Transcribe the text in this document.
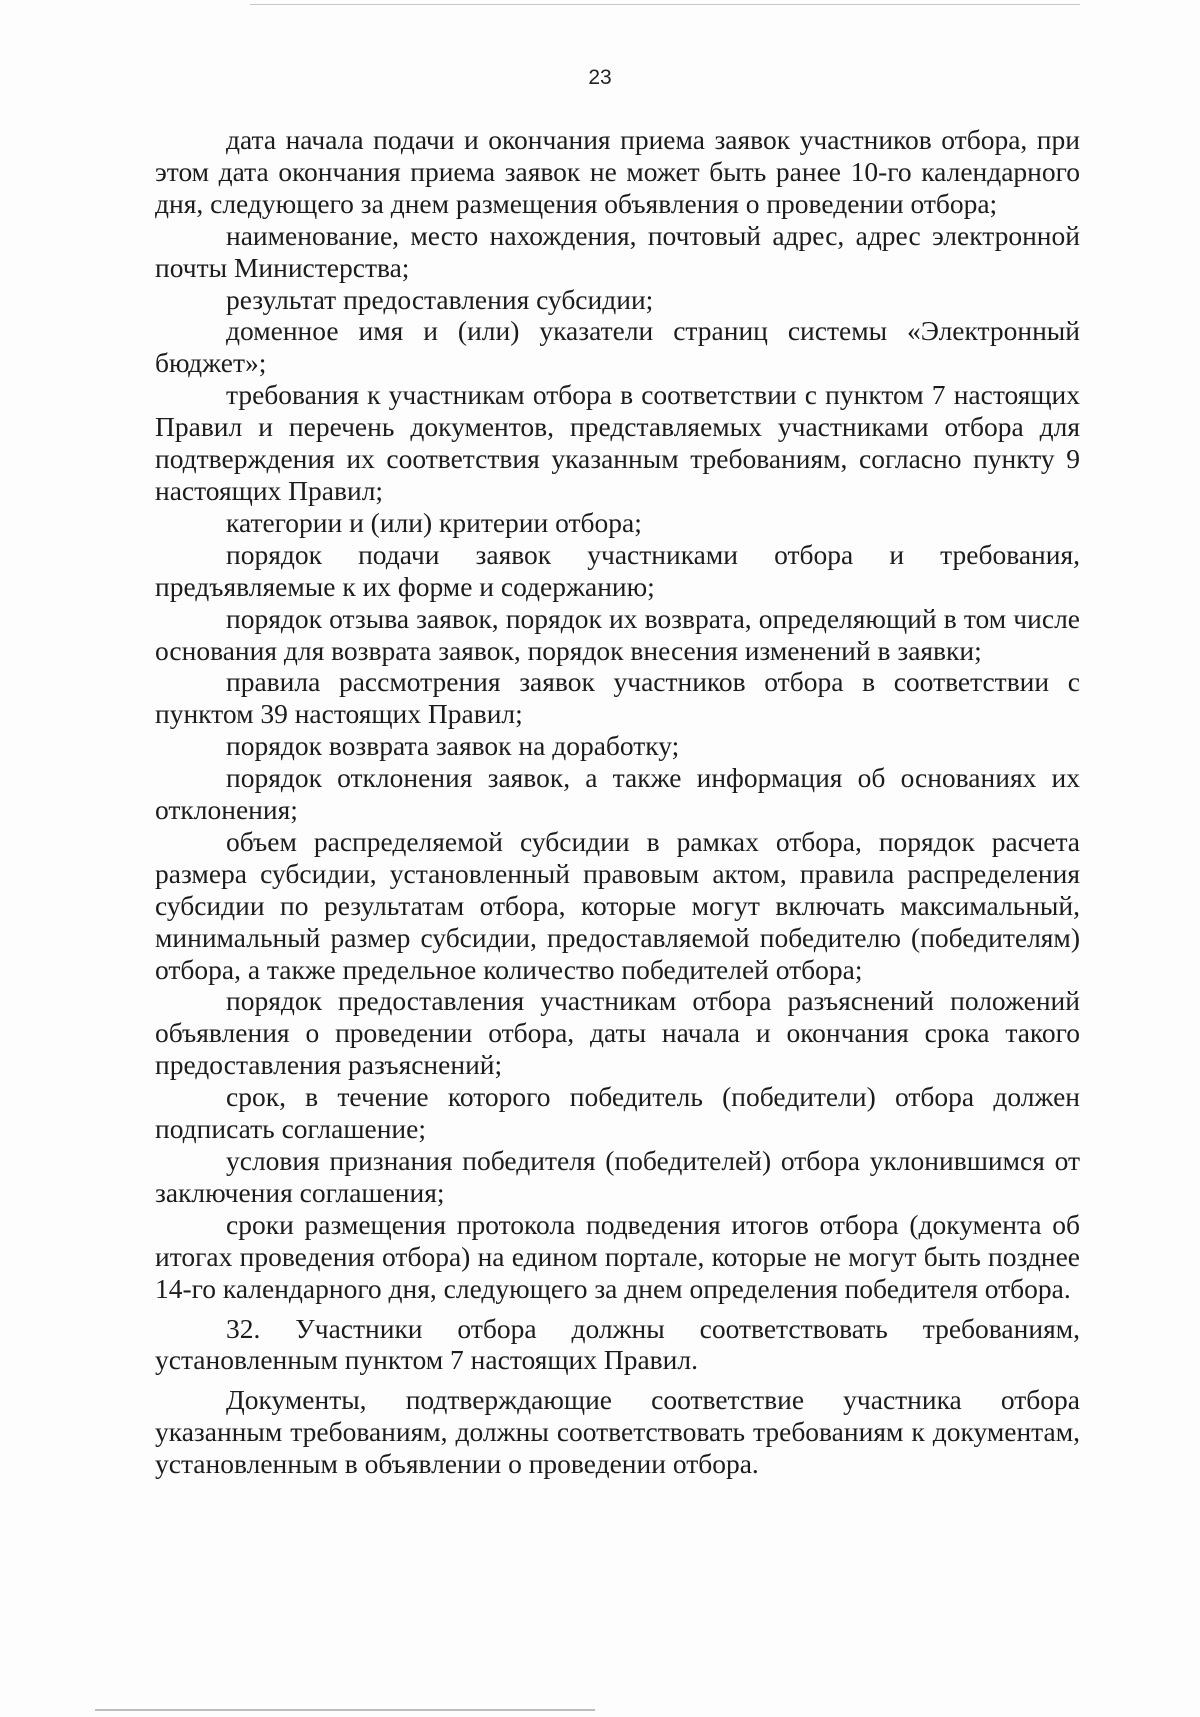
23

дата начала подачи и окончания приема заявок участников отбора, при этом дата окончания приема заявок не может быть ранее 10-го календарного дня, следующего за днем размещения объявления о проведении отбора;

наименование, место нахождения, почтовый адрес, адрес электронной почты Министерства;

результат предоставления субсидии;

доменное имя и (или) указатели страниц системы «Электронный бюджет»;

требования к участникам отбора в соответствии с пунктом 7 настоящих Правил и перечень документов, представляемых участниками отбора для подтверждения их соответствия указанным требованиям, согласно пункту 9 настоящих Правил;

категории и (или) критерии отбора;

порядок подачи заявок участниками отбора и требования, предъявляемые к их форме и содержанию;

порядок отзыва заявок, порядок их возврата, определяющий в том числе основания для возврата заявок, порядок внесения изменений в заявки;

правила рассмотрения заявок участников отбора в соответствии с пунктом 39 настоящих Правил;

порядок возврата заявок на доработку;

порядок отклонения заявок, а также информация об основаниях их отклонения;

объем распределяемой субсидии в рамках отбора, порядок расчета размера субсидии, установленный правовым актом, правила распределения субсидии по результатам отбора, которые могут включать максимальный, минимальный размер субсидии, предоставляемой победителю (победителям) отбора, а также предельное количество победителей отбора;

порядок предоставления участникам отбора разъяснений положений объявления о проведении отбора, даты начала и окончания срока такого предоставления разъяснений;

срок, в течение которого победитель (победители) отбора должен подписать соглашение;

условия признания победителя (победителей) отбора уклонившимся от заключения соглашения;

сроки размещения протокола подведения итогов отбора (документа об итогах проведения отбора) на едином портале, которые не могут быть позднее 14-го календарного дня, следующего за днем определения победителя отбора.

32. Участники отбора должны соответствовать требованиям, установленным пунктом 7 настоящих Правил.

Документы, подтверждающие соответствие участника отбора указанным требованиям, должны соответствовать требованиям к документам, установленным в объявлении о проведении отбора.
